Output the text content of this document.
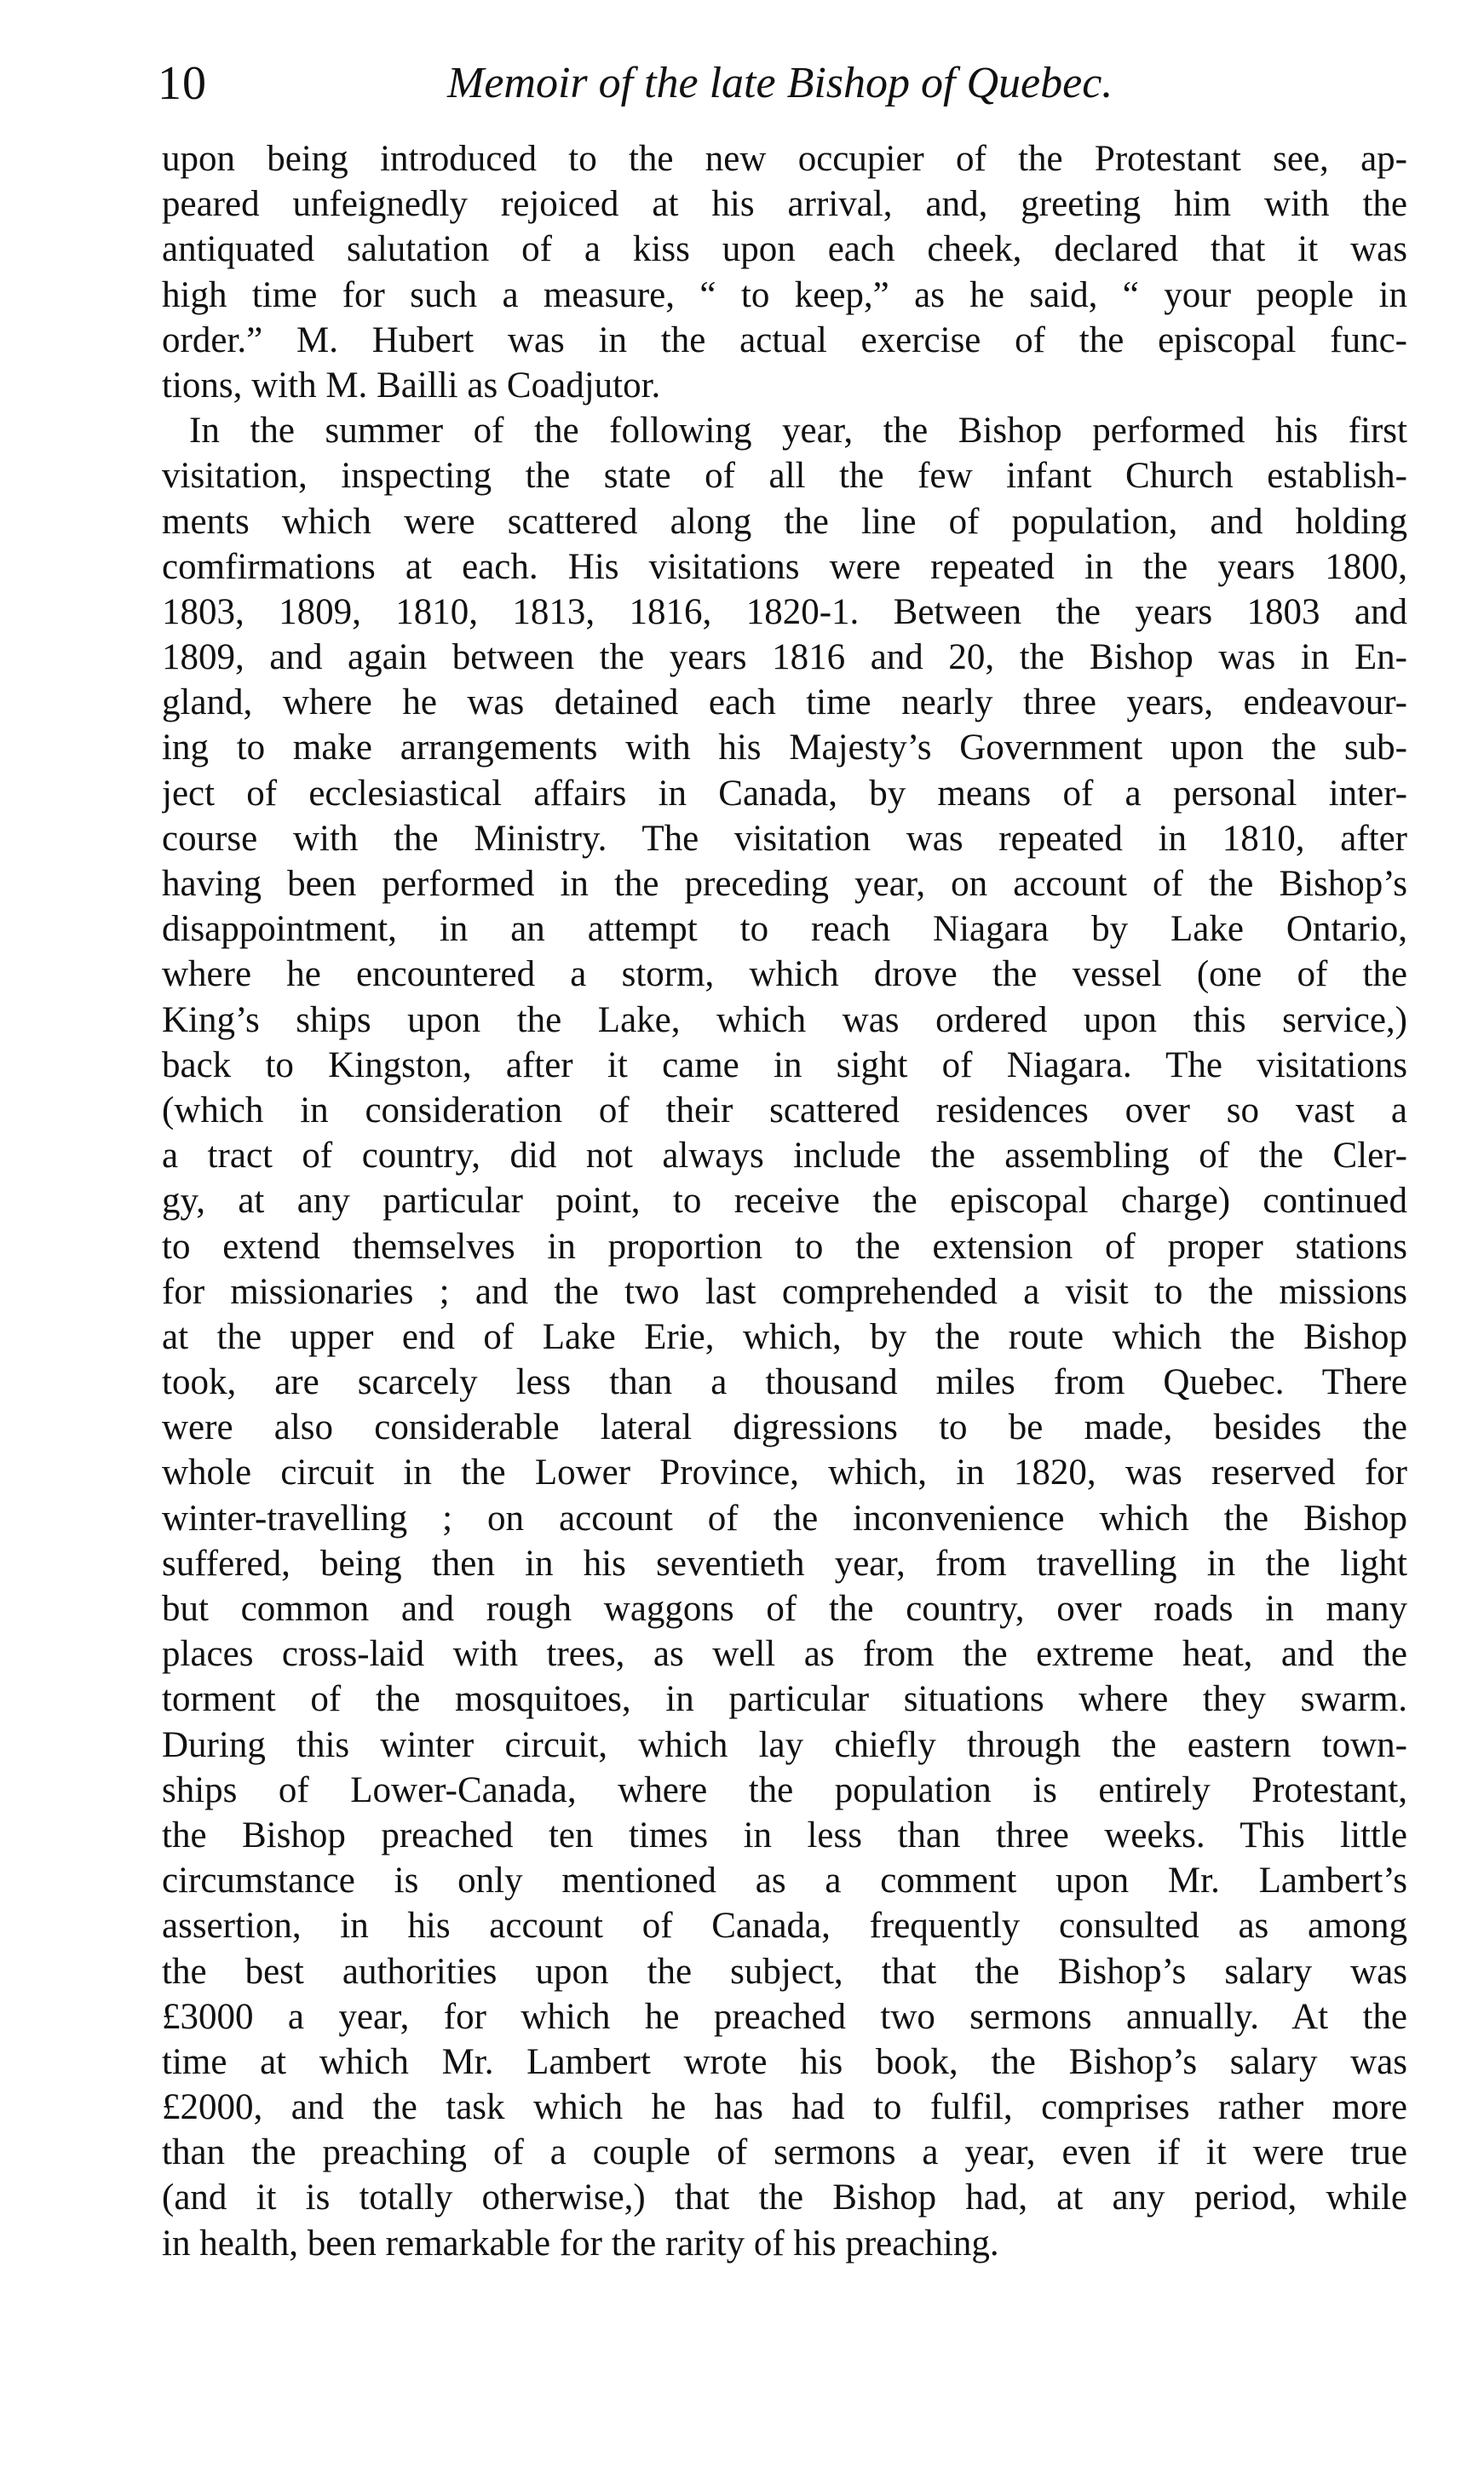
10	Memoir of the late Bishop of Quebec.
upon being introduced to the new occupier of the Protestant see, ap-
peared unfeignedly rejoiced at his arrival, and, greeting him with the
antiquated salutation of a kiss upon each cheek, declared that it was
high time for such a measure, “ to keep,” as he said, “ your people in
order.” M. Hubert was in the actual exercise of the episcopal func-
tions, with M. Bailli as Coadjutor.
In the summer of the following year, the Bishop performed his first
visitation, inspecting the state of all the few infant Church establish-
ments which were scattered along the line of population, and holding
comfirmations at each. His visitations were repeated in the years 1800,
1803, 1809, 1810, 1813, 1816, 1820-1. Between the years 1803 and
1809, and again between the years 1816 and 20, the Bishop was in En-
gland, where he was detained each time nearly three years, endeavour-
ing to make arrangements with his Majesty’s Government upon the sub-
ject of ecclesiastical affairs in Canada, by means of a personal inter-
course with the Ministry. The visitation was repeated in 1810, after
having been performed in the preceding year, on account of the Bishop’s
disappointment, in an attempt to reach Niagara by Lake Ontario,
where he encountered a storm, which drove the vessel (one of the
King’s ships upon the Lake, which was ordered upon this service,)
back to Kingston, after it came in sight of Niagara. The visitations
(which in consideration of their scattered residences over so vast a
a tract of country, did not always include the assembling of the Cler-
gy, at any particular point, to receive the episcopal charge) continued
to extend themselves in proportion to the extension of proper stations
for missionaries ; and the two last comprehended a visit to the missions
at the upper end of Lake Erie, which, by the route which the Bishop
took, are scarcely less than a thousand miles from Quebec. There
were also considerable lateral digressions to be made, besides the
whole circuit in the Lower Province, which, in 1820, was reserved for
winter-travelling ; on account of the inconvenience which the Bishop
suffered, being then in his seventieth year, from travelling in the light
but common and rough waggons of the country, over roads in many
places cross-laid with trees, as well as from the extreme heat, and the
torment of the mosquitoes, in particular situations where they swarm.
During this winter circuit, which lay chiefly through the eastern town-
ships of Lower-Canada, where the population is entirely Protestant,
the Bishop preached ten times in less than three weeks. This little
circumstance is only mentioned as a comment upon Mr. Lambert’s
assertion, in his account of Canada, frequently consulted as among
the best authorities upon the subject, that the Bishop’s salary was
£3000 a year, for which he preached two sermons annually. At the
time at which Mr. Lambert wrote his book, the Bishop’s salary was
£2000, and the task which he has had to fulfil, comprises rather more
than the preaching of a couple of sermons a year, even if it were true
(and it is totally otherwise,) that the Bishop had, at any period, while
in health, been remarkable for the rarity of his preaching.
